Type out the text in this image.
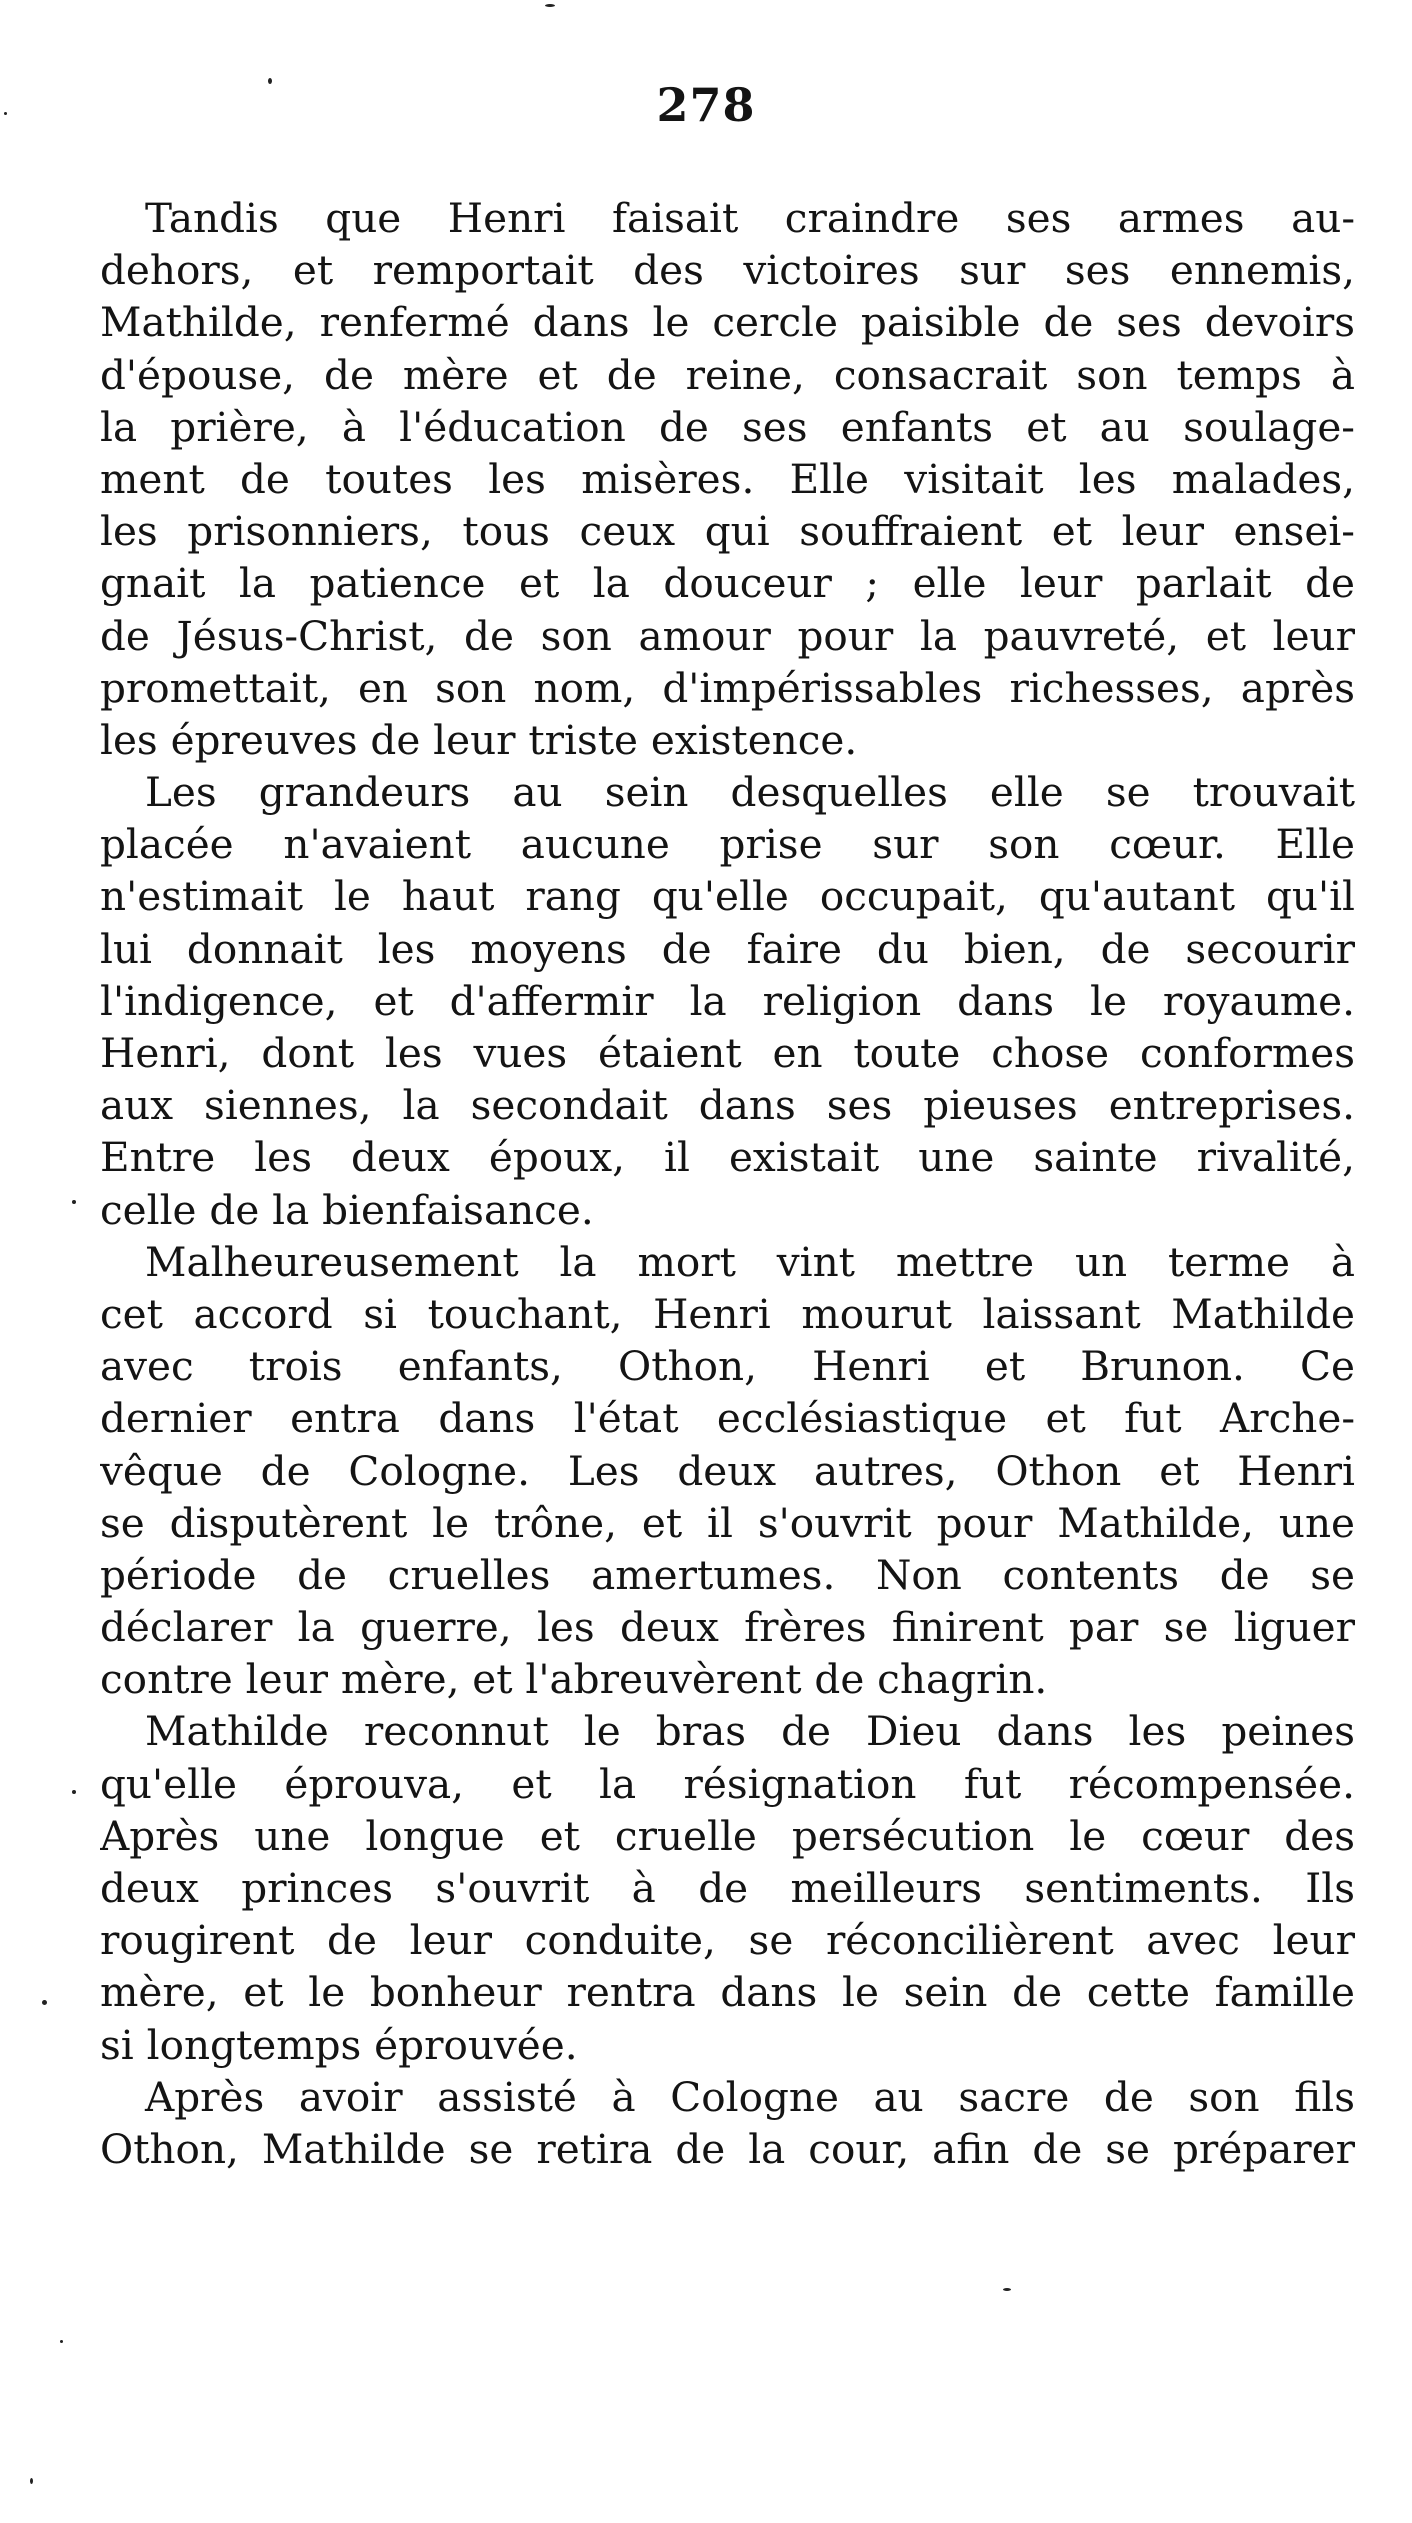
278
Tandis que Henri faisait craindre ses armes au-
dehors, et remportait des victoires sur ses ennemis,
Mathilde, renfermé dans le cercle paisible de ses devoirs
d'épouse, de mère et de reine, consacrait son temps à
la prière, à l'éducation de ses enfants et au soulage-
ment de toutes les misères. Elle visitait les malades,
les prisonniers, tous ceux qui souffraient et leur ensei-
gnait la patience et la douceur ; elle leur parlait de
de Jésus-Christ, de son amour pour la pauvreté, et leur
promettait, en son nom, d'impérissables richesses, après
les épreuves de leur triste existence.
Les grandeurs au sein desquelles elle se trouvait
placée n'avaient aucune prise sur son cœur. Elle
n'estimait le haut rang qu'elle occupait, qu'autant qu'il
lui donnait les moyens de faire du bien, de secourir
l'indigence, et d'affermir la religion dans le royaume.
Henri, dont les vues étaient en toute chose conformes
aux siennes, la secondait dans ses pieuses entreprises.
Entre les deux époux, il existait une sainte rivalité,
celle de la bienfaisance.
Malheureusement la mort vint mettre un terme à
cet accord si touchant, Henri mourut laissant Mathilde
avec trois enfants, Othon, Henri et Brunon. Ce
dernier entra dans l'état ecclésiastique et fut Arche-
vêque de Cologne. Les deux autres, Othon et Henri
se disputèrent le trône, et il s'ouvrit pour Mathilde, une
période de cruelles amertumes. Non contents de se
déclarer la guerre, les deux frères finirent par se liguer
contre leur mère, et l'abreuvèrent de chagrin.
Mathilde reconnut le bras de Dieu dans les peines
qu'elle éprouva, et la résignation fut récompensée.
Après une longue et cruelle persécution le cœur des
deux princes s'ouvrit à de meilleurs sentiments. Ils
rougirent de leur conduite, se réconcilièrent avec leur
mère, et le bonheur rentra dans le sein de cette famille
si longtemps éprouvée.
Après avoir assisté à Cologne au sacre de son fils
Othon, Mathilde se retira de la cour, afin de se préparer
